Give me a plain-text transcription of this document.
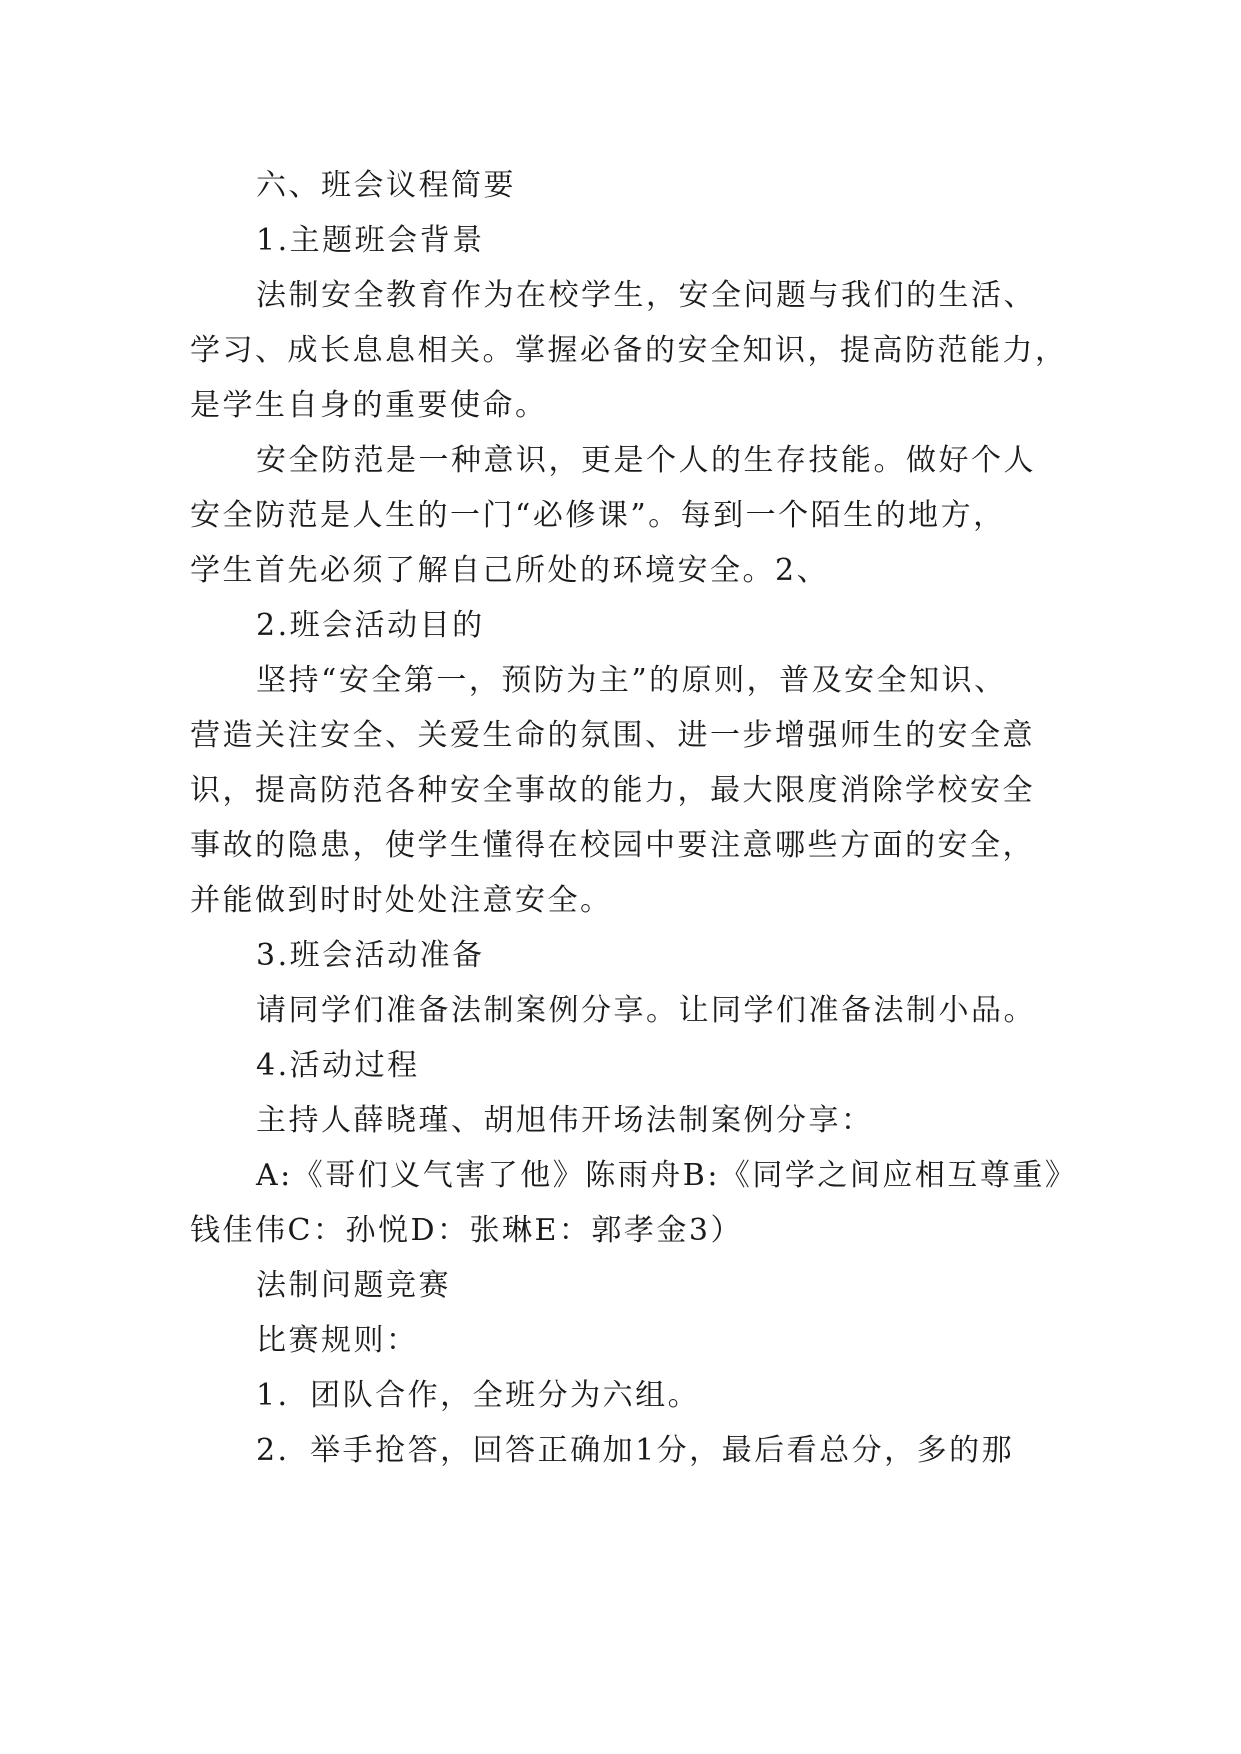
六、班会议程简要
1.主题班会背景
法制安全教育作为在校学生，安全问题与我们的生活、
学习、成长息息相关。掌握必备的安全知识，提高防范能力，
是学生自身的重要使命。
安全防范是一种意识，更是个人的生存技能。做好个人
安全防范是人生的一门“必修课”。每到一个陌生的地方，
学生首先必须了解自己所处的环境安全。2、
2.班会活动目的
坚持“安全第一，预防为主”的原则，普及安全知识、
营造关注安全、关爱生命的氛围、进一步增强师生的安全意
识，提高防范各种安全事故的能力，最大限度消除学校安全
事故的隐患，使学生懂得在校园中要注意哪些方面的安全，
并能做到时时处处注意安全。
3.班会活动准备
请同学们准备法制案例分享。让同学们准备法制小品。
4.活动过程
主持人薛晓瑾、胡旭伟开场法制案例分享：
A:《哥们义气害了他》陈雨舟B:《同学之间应相互尊重》
钱佳伟C：孙悦D：张琳E：郭孝金3）
法制问题竞赛
比赛规则：
1．团队合作，全班分为六组。
2．举手抢答，回答正确加1分，最后看总分，多的那
